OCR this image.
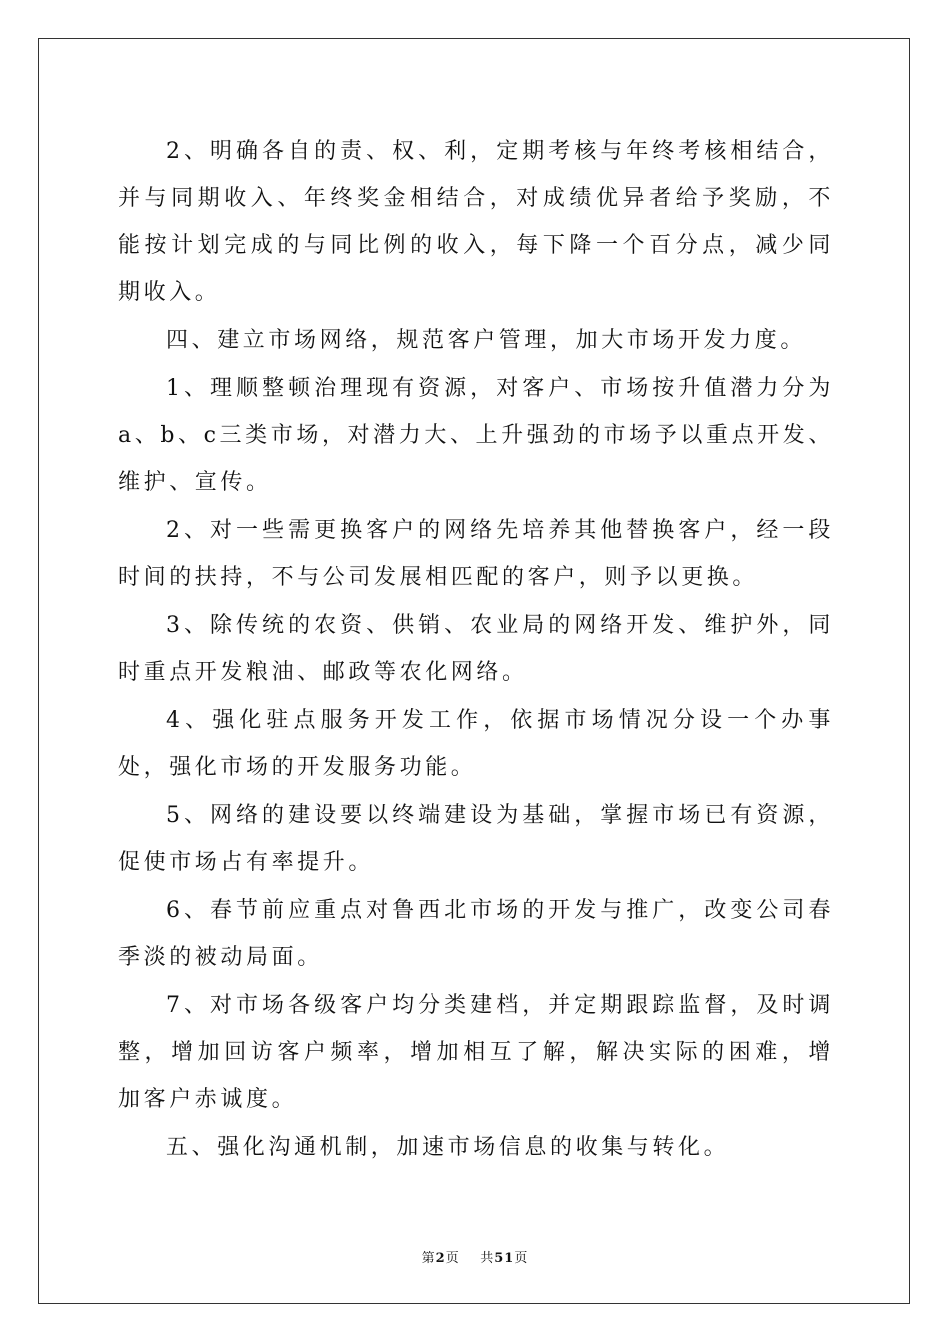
2、明确各自的责、权、利，定期考核与年终考核相结合，并与同期收入、年终奖金相结合，对成绩优异者给予奖励，不能按计划完成的与同比例的收入，每下降一个百分点，减少同期收入。

四、建立市场网络，规范客户管理，加大市场开发力度。

1、理顺整顿治理现有资源，对客户、市场按升值潜力分为a、b、c三类市场，对潜力大、上升强劲的市场予以重点开发、维护、宣传。

2、对一些需更换客户的网络先培养其他替换客户，经一段时间的扶持，不与公司发展相匹配的客户，则予以更换。

3、除传统的农资、供销、农业局的网络开发、维护外，同时重点开发粮油、邮政等农化网络。

4、强化驻点服务开发工作，依据市场情况分设一个办事处，强化市场的开发服务功能。

5、网络的建设要以终端建设为基础，掌握市场已有资源，促使市场占有率提升。

6、春节前应重点对鲁西北市场的开发与推广，改变公司春季淡的被动局面。

7、对市场各级客户均分类建档，并定期跟踪监督，及时调整，增加回访客户频率，增加相互了解，解决实际的困难，增加客户赤诚度。

五、强化沟通机制，加速市场信息的收集与转化。

第2页 共51页
